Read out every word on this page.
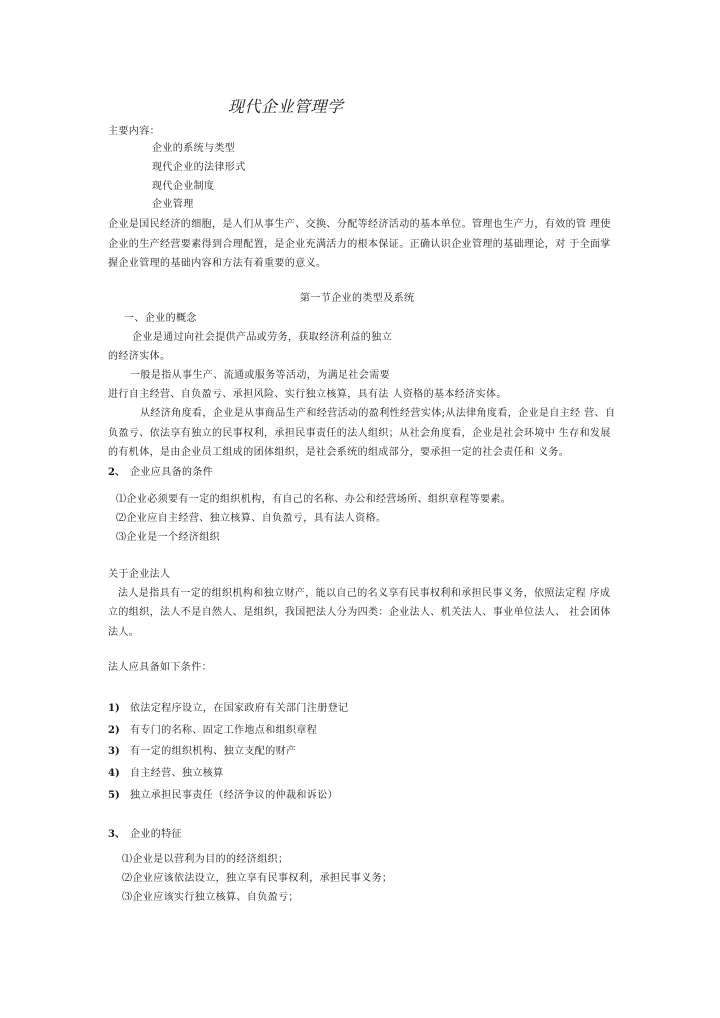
现代企业管理学

主要内容：

企业的系统与类型

现代企业的法律形式

现代企业制度

企业管理

企业是国民经济的细胞，是人们从事生产、交换、分配等经济活动的基本单位。管理也生产力，有效的管 理使

企业的生产经营要素得到合理配置，是企业充满活力的根本保证。正确认识企业管理的基础理论，对 于全面掌

握企业管理的基础内容和方法有着重要的意义。

第一节企业的类型及系统

一、企业的概念

企业是通过向社会提供产品或劳务，获取经济利益的独立

的经济实体。

一般是指从事生产、流通或服务等活动，为满足社会需要

进行自主经营、自负盈亏、承担风险、实行独立核算，具有法 人资格的基本经济实体。

从经济角度看，企业是从事商品生产和经营活动的盈利性经营实体;从法律角度看，企业是自主经 营、自

负盈亏、依法享有独立的民事权利，承担民事责任的法人组织；从社会角度看，企业是社会环境中 生存和发展

的有机体，是由企业员工组成的团体组织，是社会系统的组成部分，要承担一定的社会责任和 义务。

2、 企业应具备的条件

⑴企业必须要有一定的组织机构，有自己的名称、办公和经营场所、组织章程等要素。

⑵企业应自主经营、独立核算、自负盈亏，具有法人资格。

⑶企业是一个经济组织

关于企业法人

法人是指具有一定的组织机构和独立财产，能以自己的名义享有民事权利和承担民事义务，依照法定程 序成

立的组织，法人不是自然人、是组织，我国把法人分为四类：企业法人、机关法人、事业单位法人、 社会团体

法人。

法人应具备如下条件：

1) 依法定程序设立，在国家政府有关部门注册登记

2) 有专门的名称、固定工作地点和组织章程

3) 有一定的组织机构、独立支配的财产

4) 自主经营、独立核算

5) 独立承担民事责任（经济争议的仲裁和诉讼）

3、 企业的特征

⑴企业是以营利为目的的经济组织；

⑵企业应该依法设立，独立享有民事权利，承担民事义务；

⑶企业应该实行独立核算、自负盈亏；
